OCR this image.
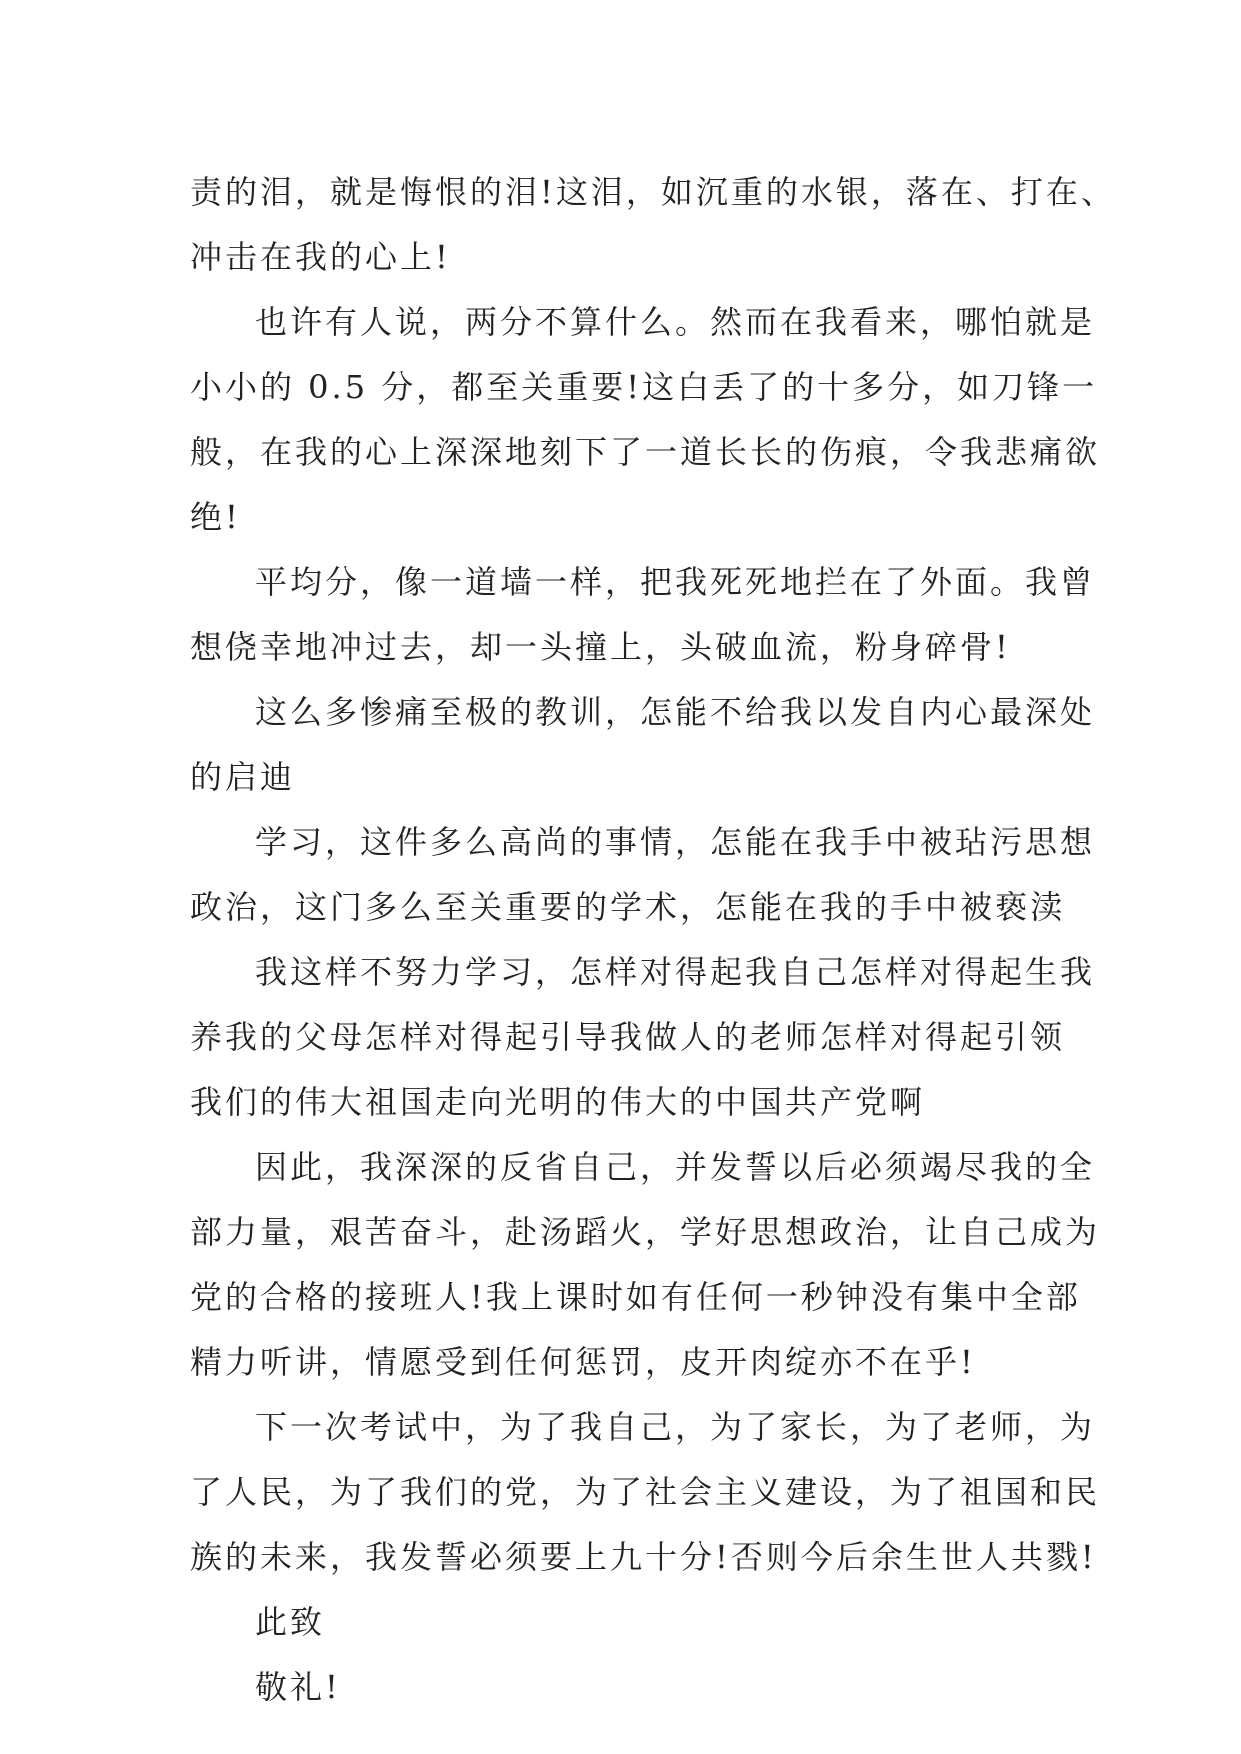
责的泪，就是悔恨的泪!这泪，如沉重的水银，落在、打在、
冲击在我的心上!
也许有人说，两分不算什么。然而在我看来，哪怕就是
小小的 0.5 分，都至关重要!这白丢了的十多分，如刀锋一
般，在我的心上深深地刻下了一道长长的伤痕，令我悲痛欲
绝!
平均分，像一道墙一样，把我死死地拦在了外面。我曾
想侥幸地冲过去，却一头撞上，头破血流，粉身碎骨!
这么多惨痛至极的教训，怎能不给我以发自内心最深处
的启迪
学习，这件多么高尚的事情，怎能在我手中被玷污思想
政治，这门多么至关重要的学术，怎能在我的手中被亵渎
我这样不努力学习，怎样对得起我自己怎样对得起生我
养我的父母怎样对得起引导我做人的老师怎样对得起引领
我们的伟大祖国走向光明的伟大的中国共产党啊
因此，我深深的反省自己，并发誓以后必须竭尽我的全
部力量，艰苦奋斗，赴汤蹈火，学好思想政治，让自己成为
党的合格的接班人!我上课时如有任何一秒钟没有集中全部
精力听讲，情愿受到任何惩罚，皮开肉绽亦不在乎!
下一次考试中，为了我自己，为了家长，为了老师，为
了人民，为了我们的党，为了社会主义建设，为了祖国和民
族的未来，我发誓必须要上九十分!否则今后余生世人共戮!
此致
敬礼!
